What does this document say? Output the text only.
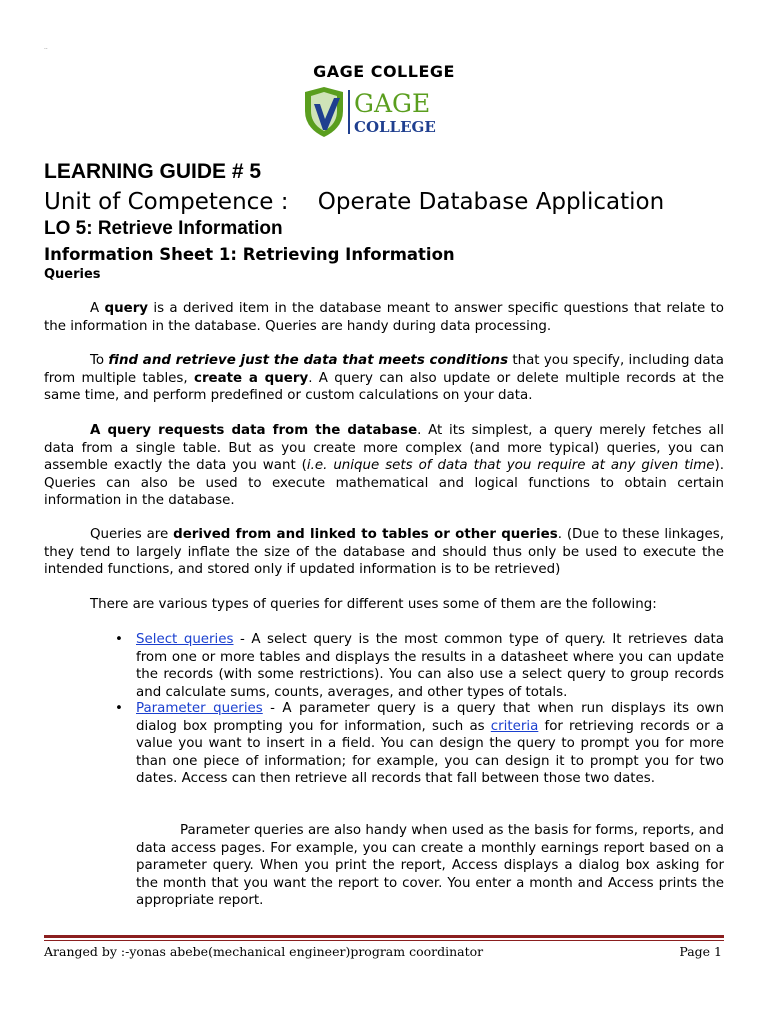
..
GAGE COLLEGE
GAGE
COLLEGE
LEARNING GUIDE # 5
Unit of Competence : Operate Database Application
LO 5: Retrieve Information
Information Sheet 1: Retrieving Information
Queries

A query is a derived item in the database meant to answer specific questions that relate to the information in the database. Queries are handy during data processing.

To find and retrieve just the data that meets conditions that you specify, including data from multiple tables, create a query. A query can also update or delete multiple records at the same time, and perform predefined or custom calculations on your data.

A query requests data from the database. At its simplest, a query merely fetches all data from a single table. But as you create more complex (and more typical) queries, you can assemble exactly the data you want (i.e. unique sets of data that you require at any given time). Queries can also be used to execute mathematical and logical functions to obtain certain information in the database.

Queries are derived from and linked to tables or other queries. (Due to these linkages, they tend to largely inflate the size of the database and should thus only be used to execute the intended functions, and stored only if updated information is to be retrieved)

There are various types of queries for different uses some of them are the following:

• Select queries - A select query is the most common type of query. It retrieves data from one or more tables and displays the results in a datasheet where you can update the records (with some restrictions). You can also use a select query to group records and calculate sums, counts, averages, and other types of totals.

• Parameter queries - A parameter query is a query that when run displays its own dialog box prompting you for information, such as criteria for retrieving records or a value you want to insert in a field. You can design the query to prompt you for more than one piece of information; for example, you can design it to prompt you for two dates. Access can then retrieve all records that fall between those two dates.

Parameter queries are also handy when used as the basis for forms, reports, and data access pages. For example, you can create a monthly earnings report based on a parameter query. When you print the report, Access displays a dialog box asking for the month that you want the report to cover. You enter a month and Access prints the appropriate report.

Aranged by :-yonas abebe(mechanical engineer)program coordinator	Page 1
